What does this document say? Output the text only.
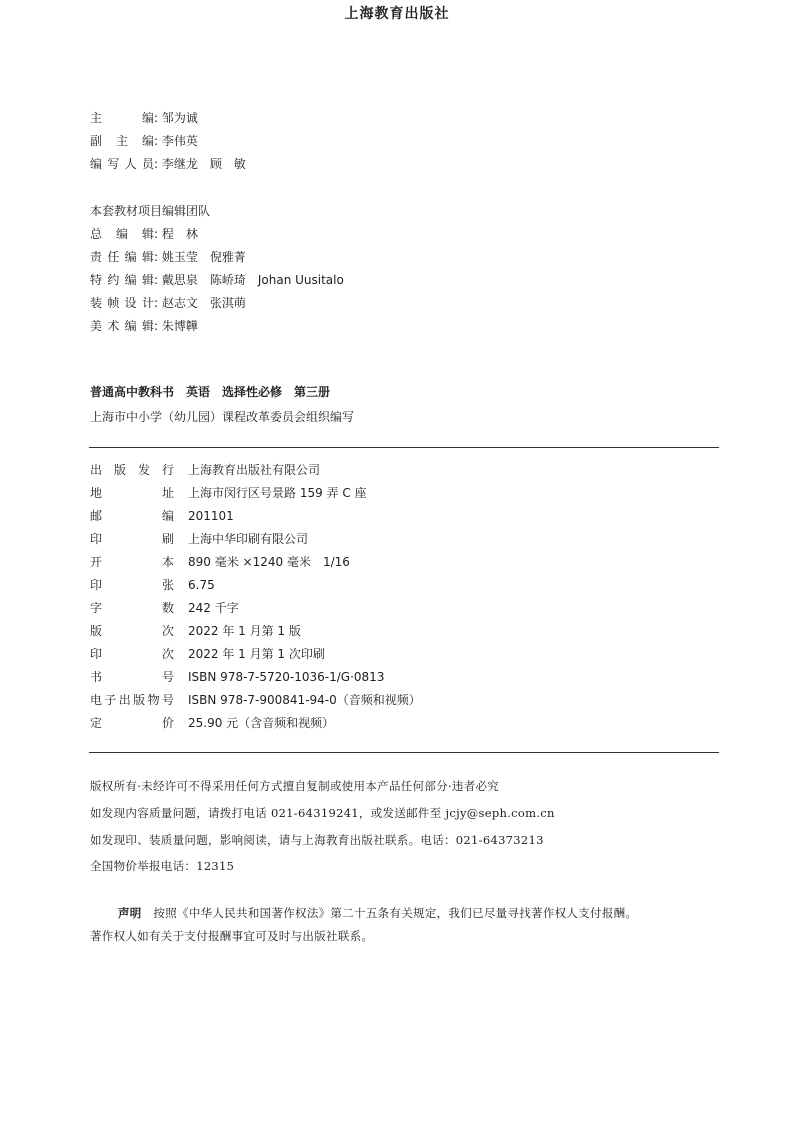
上海教育出版社
主	编 : 邹为诚
副 主 编 : 李伟英
编 写 人 员 : 李继龙　顾　敏
本套教材项目编辑团队
总 编 辑 : 程　林
责 任 编 辑 : 姚玉莹　倪雅菁
特 约 编 辑 : 戴思泉　陈峤琦　Johan Uusitalo
装 帧 设 计 : 赵志文　张淇萌
美 术 编 辑 : 朱博韡
普通高中教科书　英语　选择性必修　第三册
上海市中小学（幼儿园）课程改革委员会组织编写
出 版 发 行 上海教育出版社有限公司
地	址 上海市闵行区号景路 159 弄 C 座
邮	编 201101
印	刷 上海中华印刷有限公司
开	本 890 毫米 ×1240 毫米　1/16
印	张 6.75
字	数 242 千字
版	次 2022 年 1 月第 1 版
印	次 2022 年 1 月第 1 次印刷
书	号 ISBN 978-7-5720-1036-1/G·0813
电 子 出 版 物 号 ISBN 978-7-900841-94-0（音频和视频）
定	价 25.90 元（含音频和视频）
版权所有·未经许可不得采用任何方式擅自复制或使用本产品任何部分·违者必究
如发现内容质量问题，请拨打电话 021-64319241，或发送邮件至 jcjy@seph.com.cn
如发现印、装质量问题，影响阅读，请与上海教育出版社联系。电话：021-64373213
全国物价举报电话：12315
声明　 按照《中华人民共和国著作权法》第二十五条有关规定，我们已尽量寻找著作权人支付报酬。
著作权人如有关于支付报酬事宜可及时与出版社联系。
